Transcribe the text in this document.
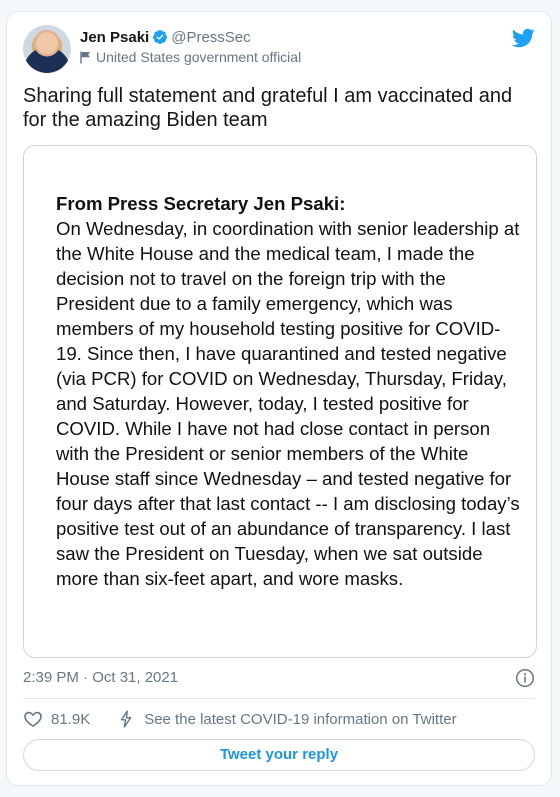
Jen Psaki @PressSec
United States government official
Sharing full statement and grateful I am vaccinated and for the amazing Biden team
From Press Secretary Jen Psaki:
On Wednesday, in coordination with senior leadership at the White House and the medical team, I made the decision not to travel on the foreign trip with the President due to a family emergency, which was members of my household testing positive for COVID-19. Since then, I have quarantined and tested negative (via PCR) for COVID on Wednesday, Thursday, Friday, and Saturday. However, today, I tested positive for COVID. While I have not had close contact in person with the President or senior members of the White House staff since Wednesday – and tested negative for four days after that last contact -- I am disclosing today’s positive test out of an abundance of transparency. I last saw the President on Tuesday, when we sat outside more than six-feet apart, and wore masks.
2:39 PM · Oct 31, 2021
81.9K	See the latest COVID-19 information on Twitter
Tweet your reply
